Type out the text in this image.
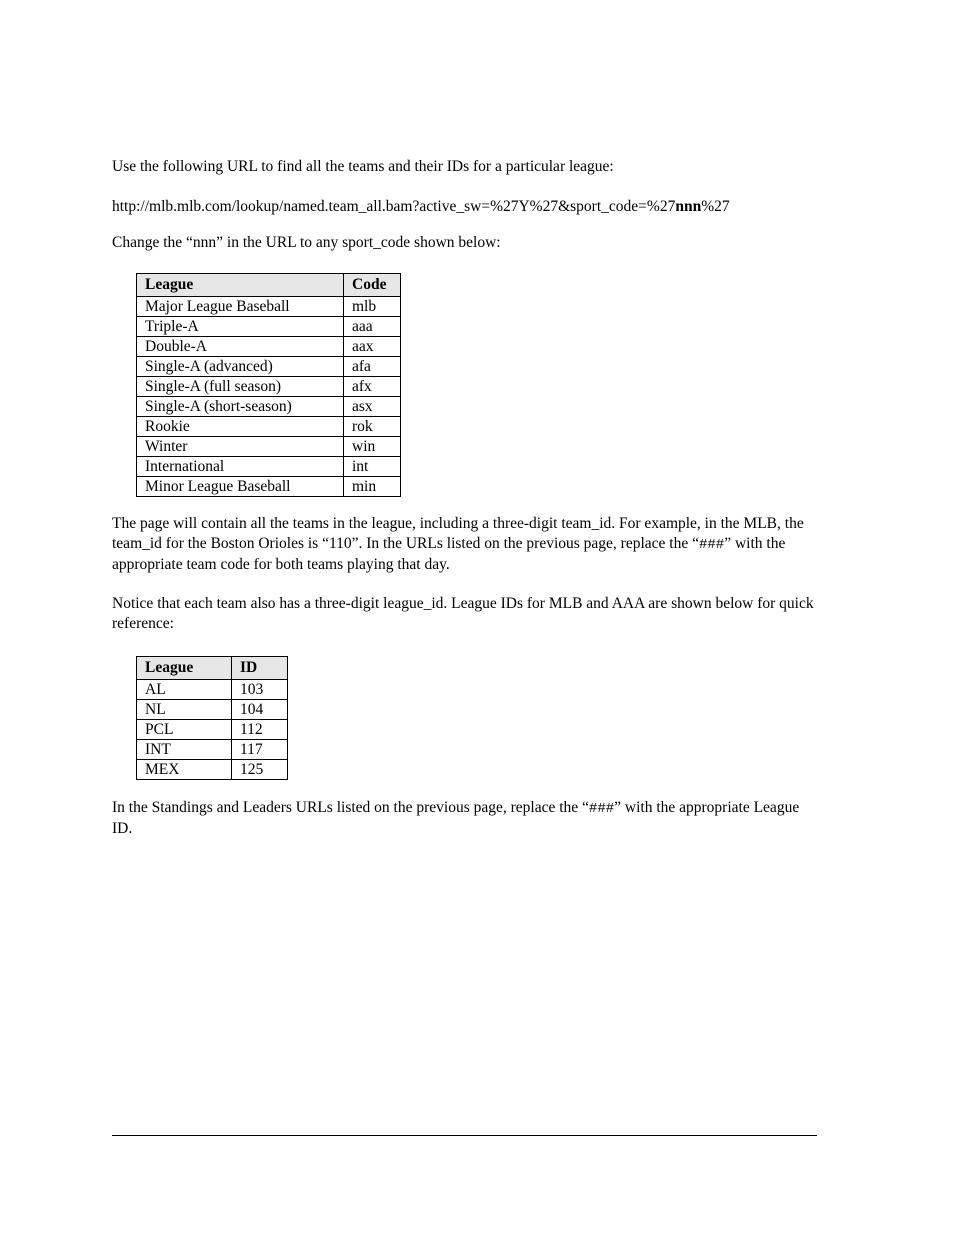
Use the following URL to find all the teams and their IDs for a particular league:

http://mlb.mlb.com/lookup/named.team_all.bam?active_sw=%27Y%27&sport_code=%27nnn%27

Change the “nnn” in the URL to any sport_code shown below:

League	Code
Major League Baseball	mlb
Triple-A	aaa
Double-A	aax
Single-A (advanced)	afa
Single-A (full season)	afx
Single-A (short-season)	asx
Rookie	rok
Winter	win
International	int
Minor League Baseball	min

The page will contain all the teams in the league, including a three-digit team_id. For example, in the MLB, the team_id for the Boston Orioles is “110”. In the URLs listed on the previous page, replace the “###” with the appropriate team code for both teams playing that day.

Notice that each team also has a three-digit league_id. League IDs for MLB and AAA are shown below for quick reference:

League	ID
AL	103
NL	104
PCL	112
INT	117
MEX	125

In the Standings and Leaders URLs listed on the previous page, replace the “###” with the appropriate League ID.
